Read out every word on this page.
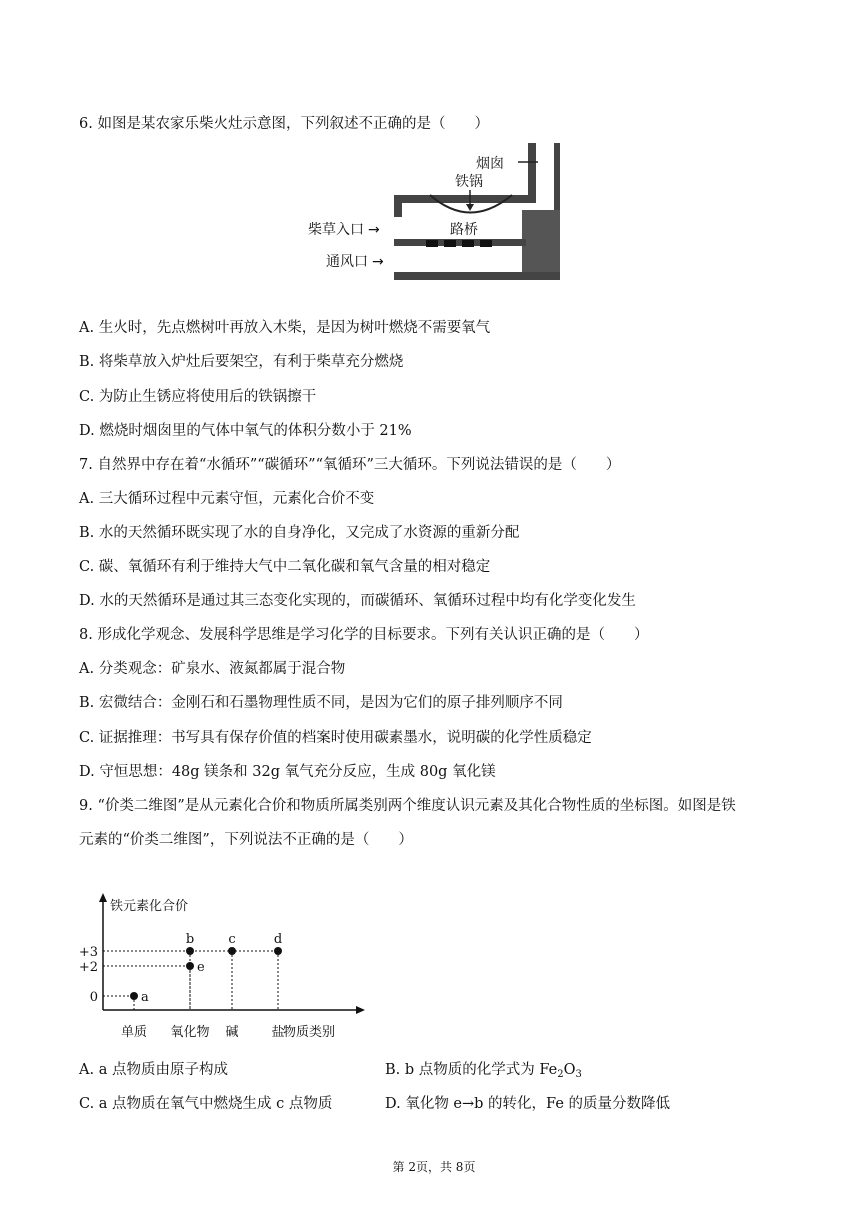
6. 如图是某农家乐柴火灶示意图，下列叙述不正确的是（　　）
烟囱
铁锅
路桥
柴草入口 →
通风口 →
A. 生火时，先点燃树叶再放入木柴，是因为树叶燃烧不需要氧气
B. 将柴草放入炉灶后要架空，有利于柴草充分燃烧
C. 为防止生锈应将使用后的铁锅擦干
D. 燃烧时烟囱里的气体中氧气的体积分数小于 21%
7. 自然界中存在着“水循环”“碳循环”“氧循环”三大循环。下列说法错误的是（　　）
A. 三大循环过程中元素守恒，元素化合价不变
B. 水的天然循环既实现了水的自身净化，又完成了水资源的重新分配
C. 碳、氧循环有利于维持大气中二氧化碳和氧气含量的相对稳定
D. 水的天然循环是通过其三态变化实现的，而碳循环、氧循环过程中均有化学变化发生
8. 形成化学观念、发展科学思维是学习化学的目标要求。下列有关认识正确的是（　　）
A. 分类观念：矿泉水、液氮都属于混合物
B. 宏微结合：金刚石和石墨物理性质不同，是因为它们的原子排列顺序不同
C. 证据推理：书写具有保存价值的档案时使用碳素墨水，说明碳的化学性质稳定
D. 守恒思想：48g 镁条和 32g 氧气充分反应，生成 80g 氧化镁
9. “价类二维图”是从元素化合价和物质所属类别两个维度认识元素及其化合物性质的坐标图。如图是铁
元素的“价类二维图”，下列说法不正确的是（　　）
铁元素化合价
物质类别
单质 氧化物 碱	盐
0
+2
+3
a
e
b	c	d
A. a 点物质由原子构成	B. b 点物质的化学式为 $Fe_2O_3$
C. a 点物质在氧气中燃烧生成 c 点物质	D. 氧化物 e→b 的转化，Fe 的质量分数降低
第 2页，共 8页
